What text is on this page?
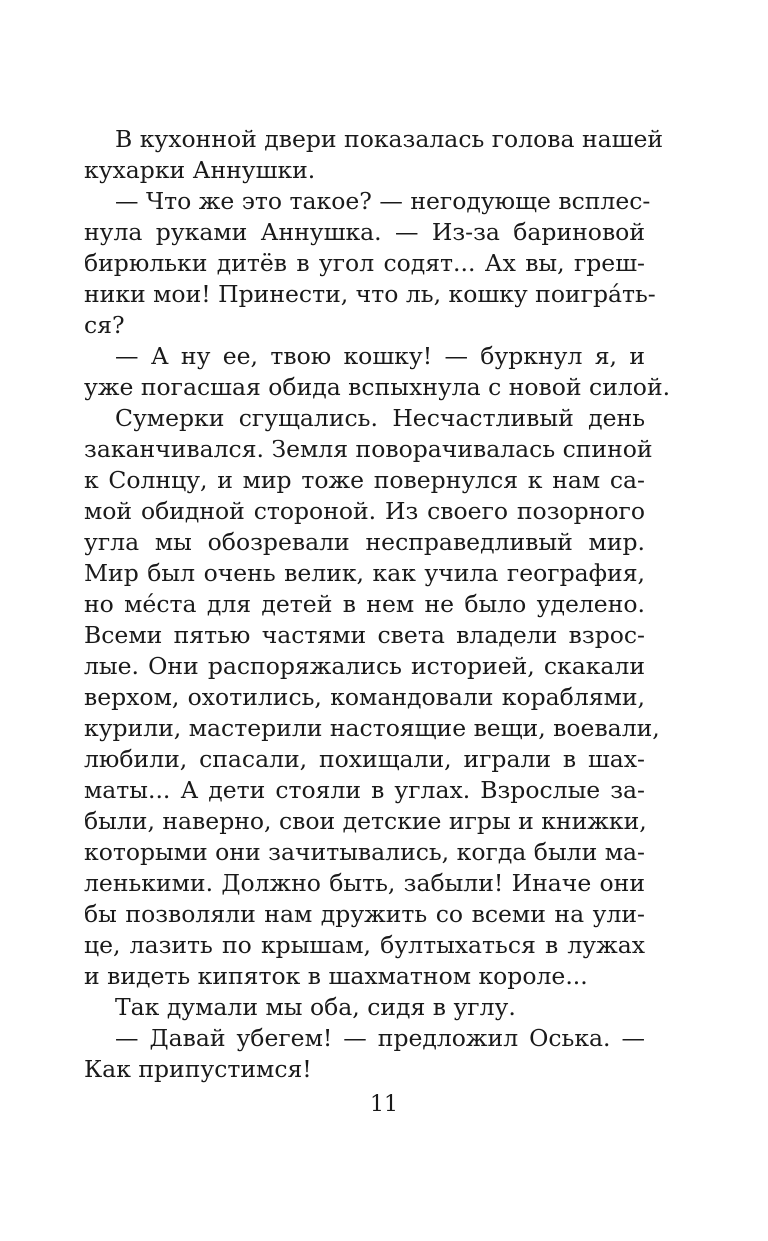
В кухонной двери показалась голова нашей
кухарки Аннушки.

— Что же это такое? — негодующе всплес-
нула руками Аннушка. — Из-за бариновой
бирюльки дитёв в угол содят... Ах вы, греш-
ники мои! Принести, что ль, кошку поигрáть-
ся?

— А ну ее, твою кошку! — буркнул я, и
уже погасшая обида вспыхнула с новой силой.

Сумерки сгущались. Несчастливый день
заканчивался. Земля поворачивалась спиной
к Солнцу, и мир тоже повернулся к нам са-
мой обидной стороной. Из своего позорного
угла мы обозревали несправедливый мир.
Мир был очень велик, как учила география,
но мéста для детей в нем не было уделено.
Всеми пятью частями света владели взрос-
лые. Они распоряжались историей, скакали
верхом, охотились, командовали кораблями,
курили, мастерили настоящие вещи, воевали,
любили, спасали, похищали, играли в шах-
маты... А дети стояли в углах. Взрослые за-
были, наверно, свои детские игры и книжки,
которыми они зачитывались, когда были ма-
ленькими. Должно быть, забыли! Иначе они
бы позволяли нам дружить со всеми на ули-
це, лазить по крышам, бултыхаться в лужах
и видеть кипяток в шахматном короле...

Так думали мы оба, сидя в углу.

— Давай убегем! — предложил Оська. —
Как припустимся!

11
